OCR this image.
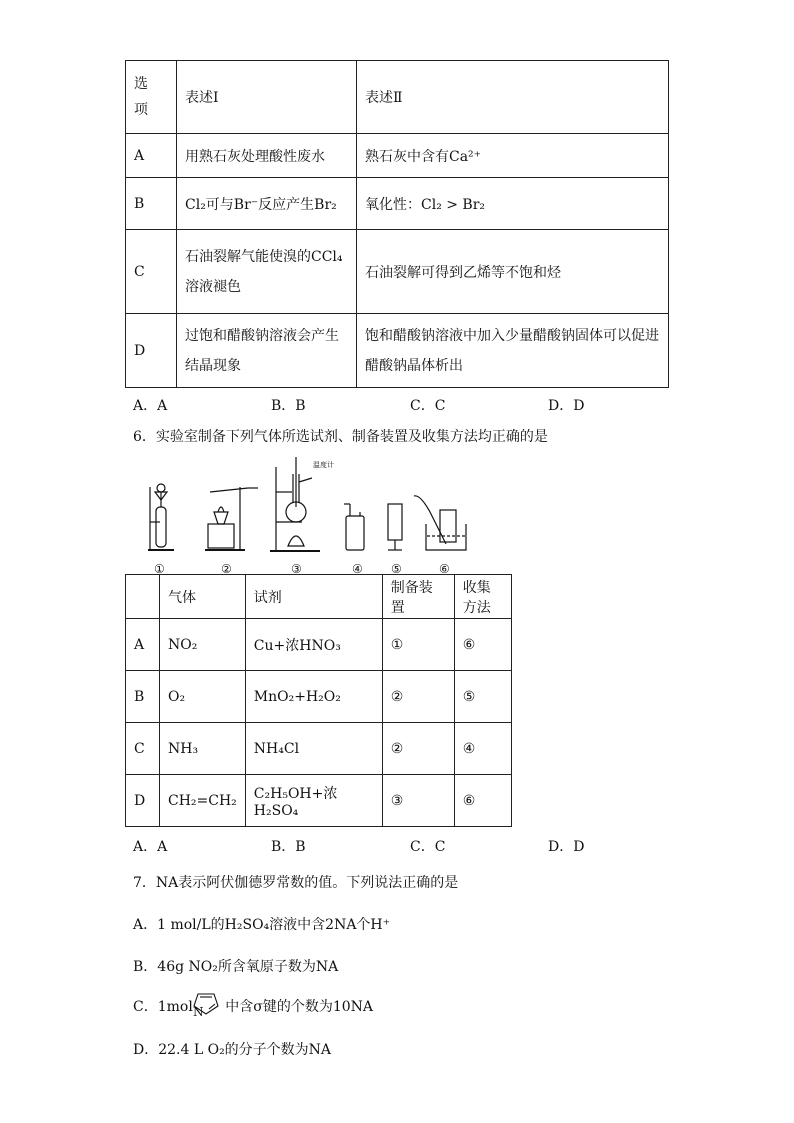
选
项	表述Ⅰ	表述Ⅱ
A	用熟石灰处理酸性废水	熟石灰中含有Ca²⁺
B	Cl₂可与Br⁻反应产生Br₂	氧化性：Cl₂ > Br₂
C	石油裂解气能使溴的CCl₄溶液褪色	石油裂解可得到乙烯等不饱和烃
D	过饱和醋酸钠溶液会产生结晶现象	饱和醋酸钠溶液中加入少量醋酸钠固体可以促进醋酸钠晶体析出
A．A	B．B	C．C	D．D
6．实验室制备下列气体所选试剂、制备装置及收集方法均正确的是
温度计
①	②	③	④ ⑤	⑥
	气体	试剂	制备装置	收集方法
A	NO₂	Cu+浓HNO₃	①	⑥
B	O₂	MnO₂+H₂O₂	②	⑤
C	NH₃	NH₄Cl	②	④
D	CH₂=CH₂	C₂H₅OH+浓H₂SO₄	③	⑥
A．A	B．B	C．C	D．D
7．NA表示阿伏伽德罗常数的值。下列说法正确的是
A．1 mol/L的H₂SO₄溶液中含2NA个H⁺
B．46g NO₂所含氧原子数为NA
C．1mol 中含σ键的个数为10NA
N
D．22.4 L O₂的分子个数为NA
